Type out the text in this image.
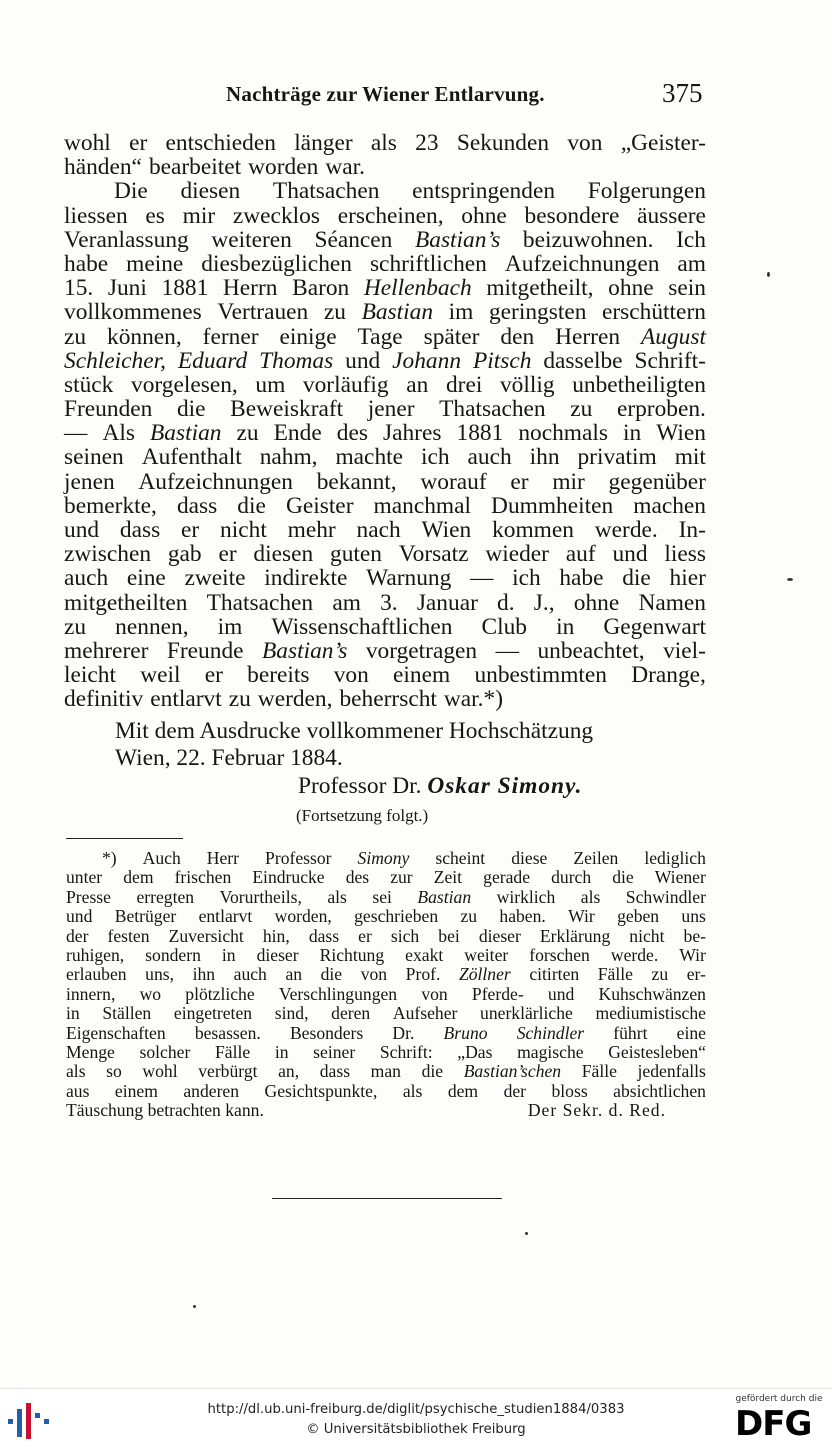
Nachträge zur Wiener Entlarvung.	375
wohl er entschieden länger als 23 Sekunden von „Geister-
händen“ bearbeitet worden war.
Die diesen Thatsachen entspringenden Folgerungen
liessen es mir zwecklos erscheinen, ohne besondere äussere
Veranlassung weiteren Séancen Bastian’s beizuwohnen. Ich
habe meine diesbezüglichen schriftlichen Aufzeichnungen am
15. Juni 1881 Herrn Baron Hellenbach mitgetheilt, ohne sein
vollkommenes Vertrauen zu Bastian im geringsten erschüttern
zu können, ferner einige Tage später den Herren August
Schleicher, Eduard Thomas und Johann Pitsch dasselbe Schrift-
stück vorgelesen, um vorläufig an drei völlig unbetheiligten
Freunden die Beweiskraft jener Thatsachen zu erproben.
— Als Bastian zu Ende des Jahres 1881 nochmals in Wien
seinen Aufenthalt nahm, machte ich auch ihn privatim mit
jenen Aufzeichnungen bekannt, worauf er mir gegenüber
bemerkte, dass die Geister manchmal Dummheiten machen
und dass er nicht mehr nach Wien kommen werde. In-
zwischen gab er diesen guten Vorsatz wieder auf und liess
auch eine zweite indirekte Warnung — ich habe die hier
mitgetheilten Thatsachen am 3. Januar d. J., ohne Namen
zu nennen, im Wissenschaftlichen Club in Gegenwart
mehrerer Freunde Bastian’s vorgetragen — unbeachtet, viel-
leicht weil er bereits von einem unbestimmten Drange,
definitiv entlarvt zu werden, beherrscht war.*)
Mit dem Ausdrucke vollkommener Hochschätzung
Wien, 22. Februar 1884.
Professor Dr. Oskar Simony.
(Fortsetzung folgt.)
*) Auch Herr Professor Simony scheint diese Zeilen lediglich
unter dem frischen Eindrucke des zur Zeit gerade durch die Wiener
Presse erregten Vorurtheils, als sei Bastian wirklich als Schwindler
und Betrüger entlarvt worden, geschrieben zu haben. Wir geben uns
der festen Zuversicht hin, dass er sich bei dieser Erklärung nicht be-
ruhigen, sondern in dieser Richtung exakt weiter forschen werde. Wir
erlauben uns, ihn auch an die von Prof. Zöllner citirten Fälle zu er-
innern, wo plötzliche Verschlingungen von Pferde- und Kuhschwänzen
in Ställen eingetreten sind, deren Aufseher unerklärliche mediumistische
Eigenschaften besassen. Besonders Dr. Bruno Schindler führt eine
Menge solcher Fälle in seiner Schrift: „Das magische Geistesleben“
als so wohl verbürgt an, dass man die Bastian’schen Fälle jedenfalls
aus einem anderen Gesichtspunkte, als dem der bloss absichtlichen
Täuschung betrachten kann.	Der Sekr. d. Red.
http://dl.ub.uni-freiburg.de/diglit/psychische_studien1884/0383
© Universitätsbibliothek Freiburg
gefördert durch die
DFG
